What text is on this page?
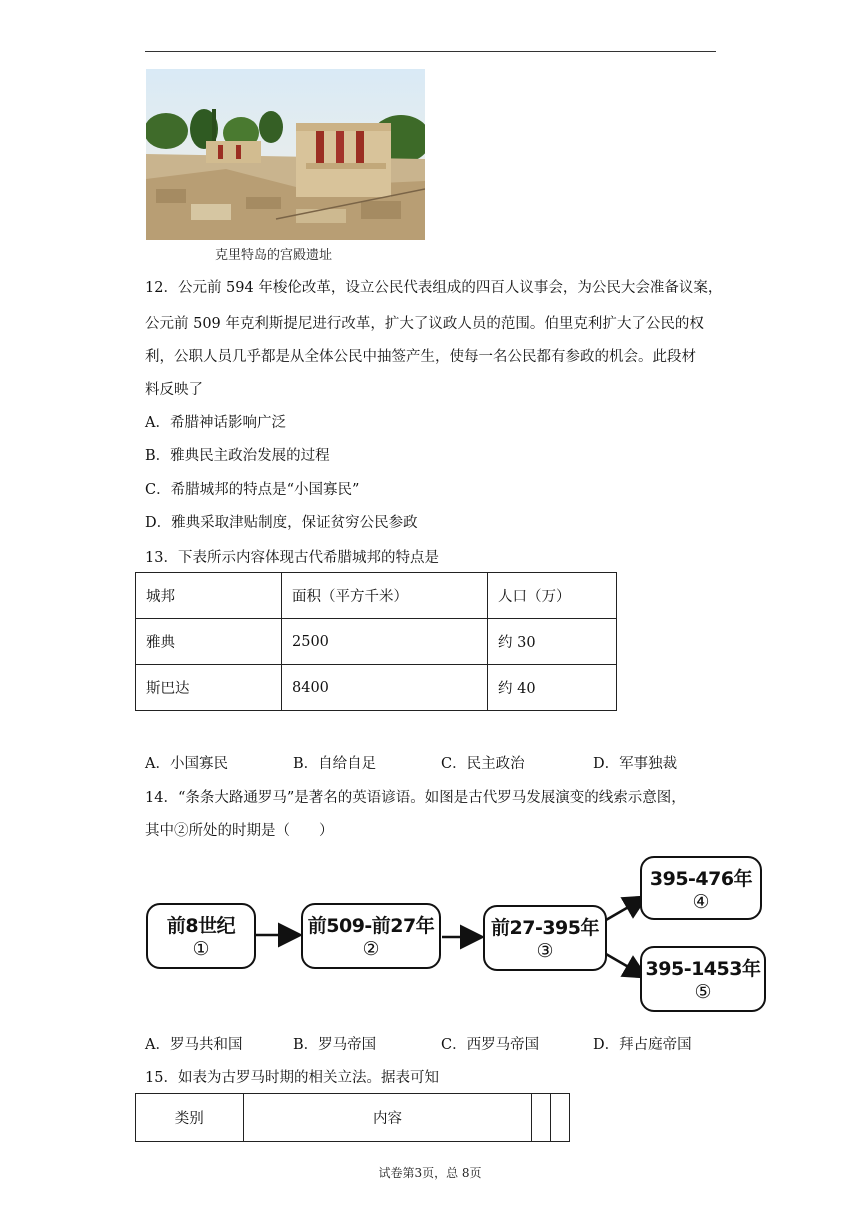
克里特岛的宫殿遗址
12．公元前 594 年梭伦改革，设立公民代表组成的四百人议事会，为公民大会准备议案，
公元前 509 年克利斯提尼进行改革，扩大了议政人员的范围。伯里克利扩大了公民的权
利，公职人员几乎都是从全体公民中抽签产生，使每一名公民都有参政的机会。此段材
料反映了
A．希腊神话影响广泛
B．雅典民主政治发展的过程
C．希腊城邦的特点是“小国寡民”
D．雅典采取津贴制度，保证贫穷公民参政
13．下表所示内容体现古代希腊城邦的特点是
城邦	面积（平方千米）	人口（万）
雅典	2500	约 30
斯巴达	8400	约 40
A．小国寡民	B．自给自足	C．民主政治	D．军事独裁
14．“条条大路通罗马”是著名的英语谚语。如图是古代罗马发展演变的线索示意图，
其中②所处的时期是（　　）
前8世纪
①
前509-前27年
②
前27-395年
③
395-476年
④
395-1453年
⑤
A．罗马共和国	B．罗马帝国	C．西罗马帝国	D．拜占庭帝国
15．如表为古罗马时期的相关立法。据表可知
类别	内容		
试卷第3页，总 8页
